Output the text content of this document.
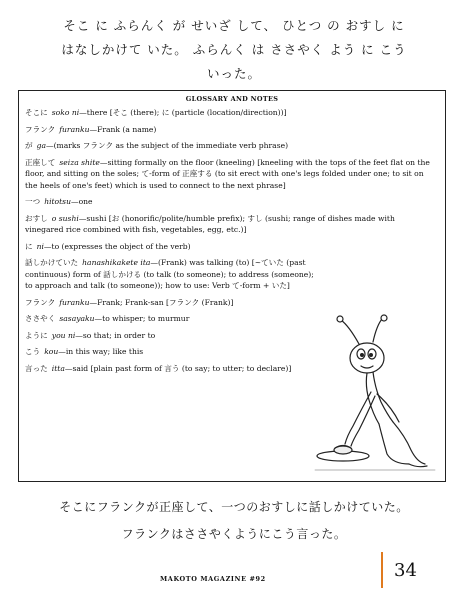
そこ に ふらんく が せいざ して、 ひとつ の おすし に
はなしかけて いた。 ふらんく は ささやく よう に こう
いった。
GLOSSARY AND NOTES
そこに soko ni—there [そこ (there); に (particle (location/direction))]
フランク furanku—Frank (a name)
が ga—(marks フランク as the subject of the immediate verb phrase)
正座して seiza shite—sitting formally on the floor (kneeling) [kneeling with the tops of the feet flat on the floor, and sitting on the soles; て-form of 正座する (to sit erect with one's legs folded under one; to sit on the heels of one's feet) which is used to connect to the next phrase]
一つ hitotsu—one
おすし o sushi—sushi [お (honorific/polite/humble prefix); すし (sushi; range of dishes made with vinegared rice combined with fish, vegetables, egg, etc.)]
に ni—to (expresses the object of the verb)
話しかけていた hanashikakete ita—(Frank) was talking (to) [~ていた (past continuous) form of 話しかける (to talk (to someone); to address (someone); to approach and talk (to someone)); how to use: Verb て-form + いた]
フランク furanku—Frank; Frank-san [フランク (Frank)]
ささやく sasayaku—to whisper; to murmur
ように you ni—so that; in order to
こう kou—in this way; like this
言った itta—said [plain past form of 言う (to say; to utter; to declare)]
そこにフランクが正座して、一つのおすしに話しかけていた。
フランクはささやくようにこう言った。
MAKOTO MAGAZINE #92	34
